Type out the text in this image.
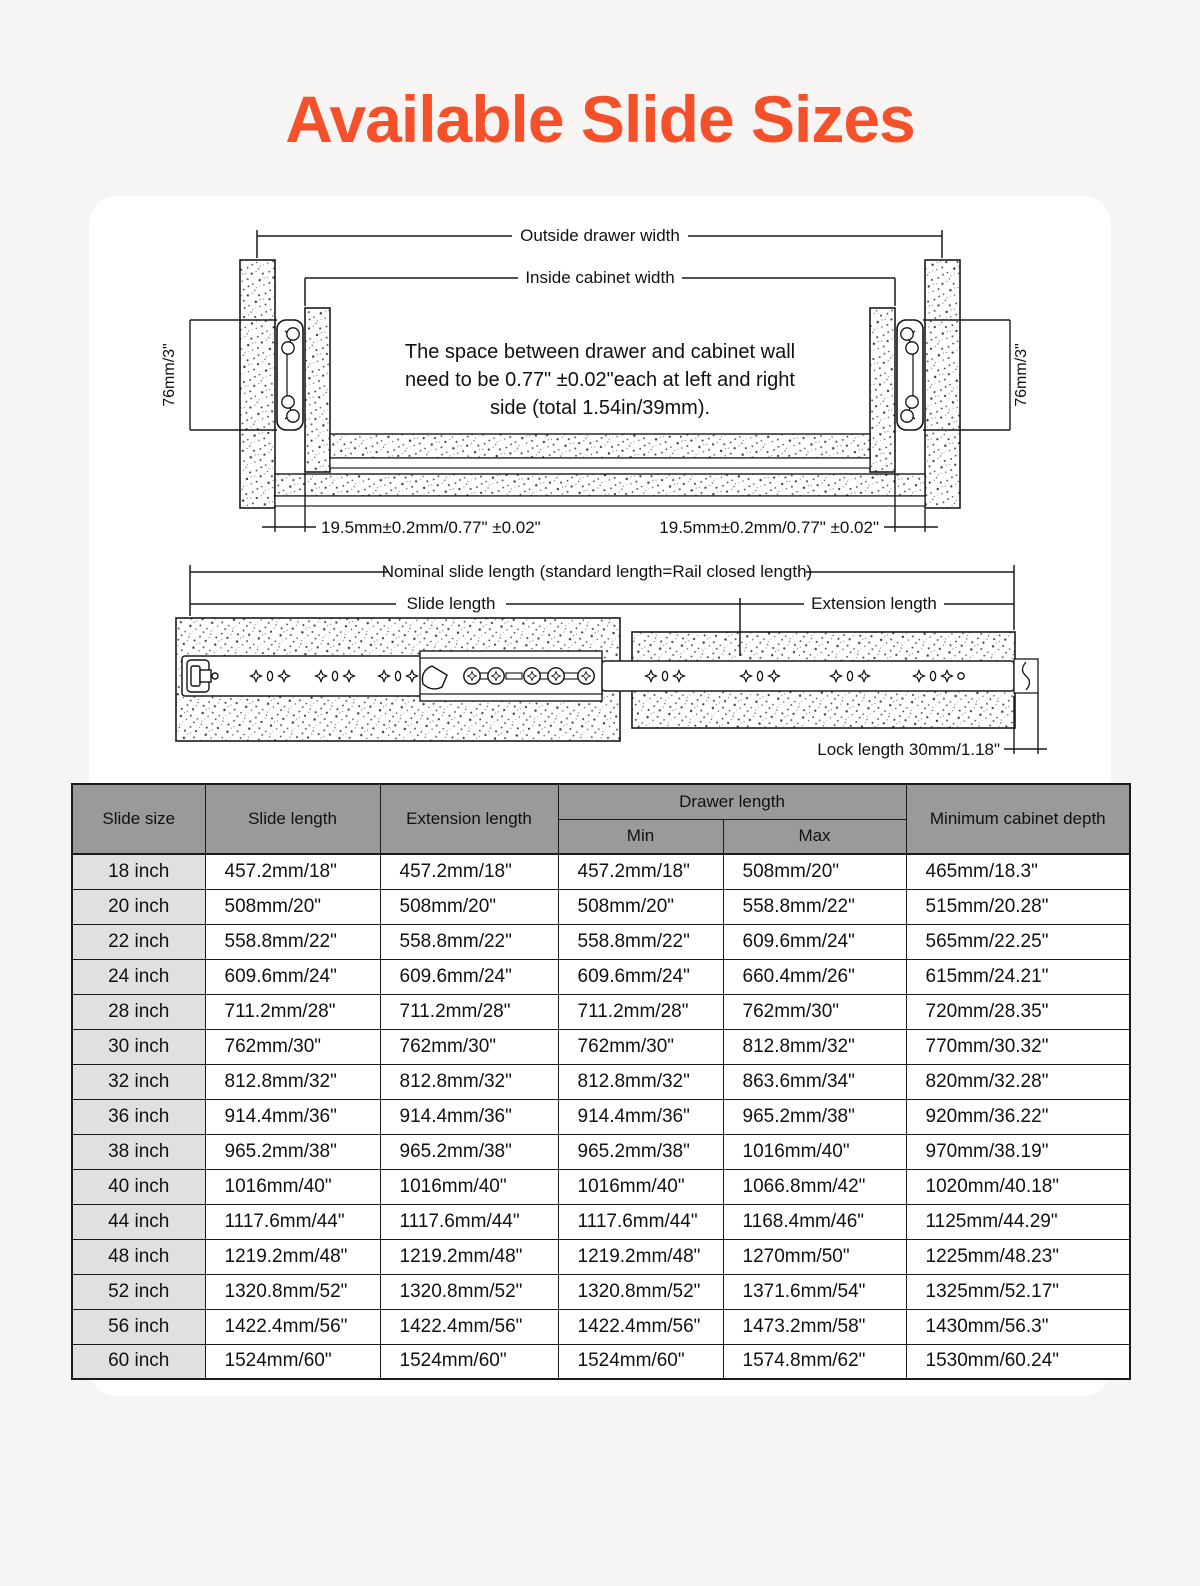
Available Slide Sizes
Outside drawer width
Inside cabinet width
The space between drawer and cabinet wall
need to be 0.77" ±0.02"each at left and right
side (total 1.54in/39mm).
76mm/3"	76mm/3"
19.5mm±0.2mm/0.77" ±0.02"	19.5mm±0.2mm/0.77" ±0.02"
Nominal slide length (standard length=Rail closed length)
Slide length	Extension length
Lock length 30mm/1.18"
Slide size	Slide length	Extension length	Drawer length		Minimum cabinet depth
			Min	Max	
18 inch	457.2mm/18"	457.2mm/18"	457.2mm/18"	508mm/20"	465mm/18.3"
20 inch	508mm/20"	508mm/20"	508mm/20"	558.8mm/22"	515mm/20.28"
22 inch	558.8mm/22"	558.8mm/22"	558.8mm/22"	609.6mm/24"	565mm/22.25"
24 inch	609.6mm/24"	609.6mm/24"	609.6mm/24"	660.4mm/26"	615mm/24.21"
28 inch	711.2mm/28"	711.2mm/28"	711.2mm/28"	762mm/30"	720mm/28.35"
30 inch	762mm/30"	762mm/30"	762mm/30"	812.8mm/32"	770mm/30.32"
32 inch	812.8mm/32"	812.8mm/32"	812.8mm/32"	863.6mm/34"	820mm/32.28"
36 inch	914.4mm/36"	914.4mm/36"	914.4mm/36"	965.2mm/38"	920mm/36.22"
38 inch	965.2mm/38"	965.2mm/38"	965.2mm/38"	1016mm/40"	970mm/38.19"
40 inch	1016mm/40"	1016mm/40"	1016mm/40"	1066.8mm/42"	1020mm/40.18"
44 inch	1117.6mm/44"	1117.6mm/44"	1117.6mm/44"	1168.4mm/46"	1125mm/44.29"
48 inch	1219.2mm/48"	1219.2mm/48"	1219.2mm/48"	1270mm/50"	1225mm/48.23"
52 inch	1320.8mm/52"	1320.8mm/52"	1320.8mm/52"	1371.6mm/54"	1325mm/52.17"
56 inch	1422.4mm/56"	1422.4mm/56"	1422.4mm/56"	1473.2mm/58"	1430mm/56.3"
60 inch	1524mm/60"	1524mm/60"	1524mm/60"	1574.8mm/62"	1530mm/60.24"
